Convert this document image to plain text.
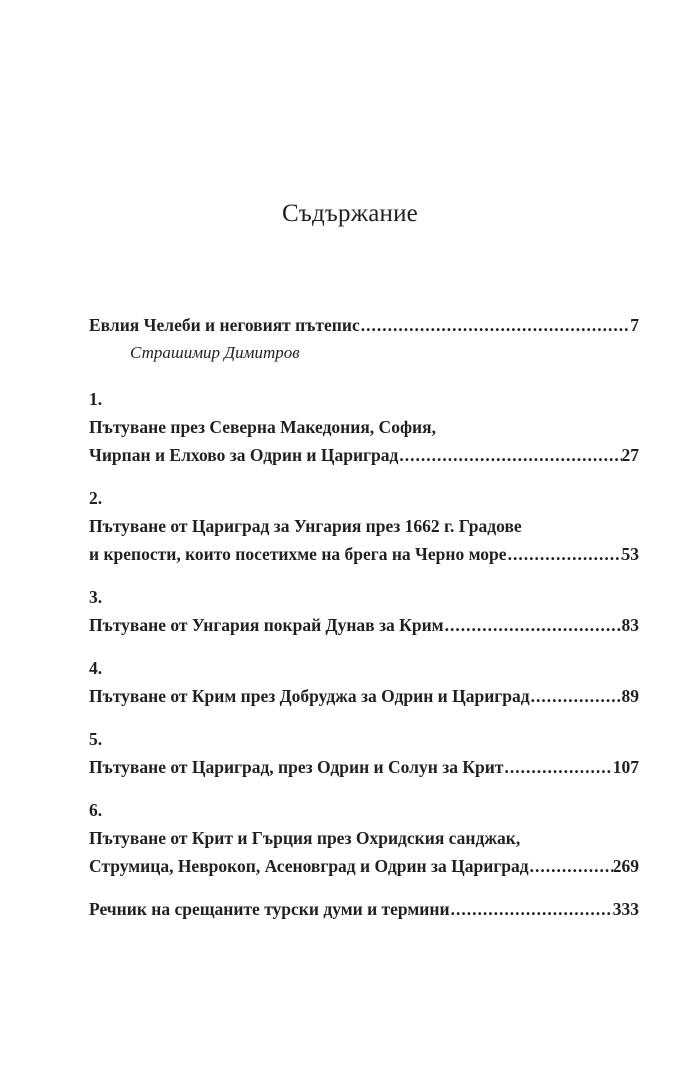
Съдържание
Евлия Челеби и неговият пътепис .....	7
Страшимир Димитров
1.
Пътуване през Северна Македония, София,
Чирпан и Елхово за Одрин и Цариград .....	27
2.
Пътуване от Цариград за Унгария през 1662 г. Градове
и крепости, които посетихме на брега на Черно море .....	53
3.
Пътуване от Унгария покрай Дунав за Крим .....	83
4.
Пътуване от Крим през Добруджа за Одрин и Цариград .....	89
5.
Пътуване от Цариград, през Одрин и Солун за Крит .....	107
6.
Пътуване от Крит и Гърция през Охридския санджак,
Струмица, Неврокоп, Асеновград и Одрин за Цариград .....	269
Речник на срещаните турски думи и термини .....	333
